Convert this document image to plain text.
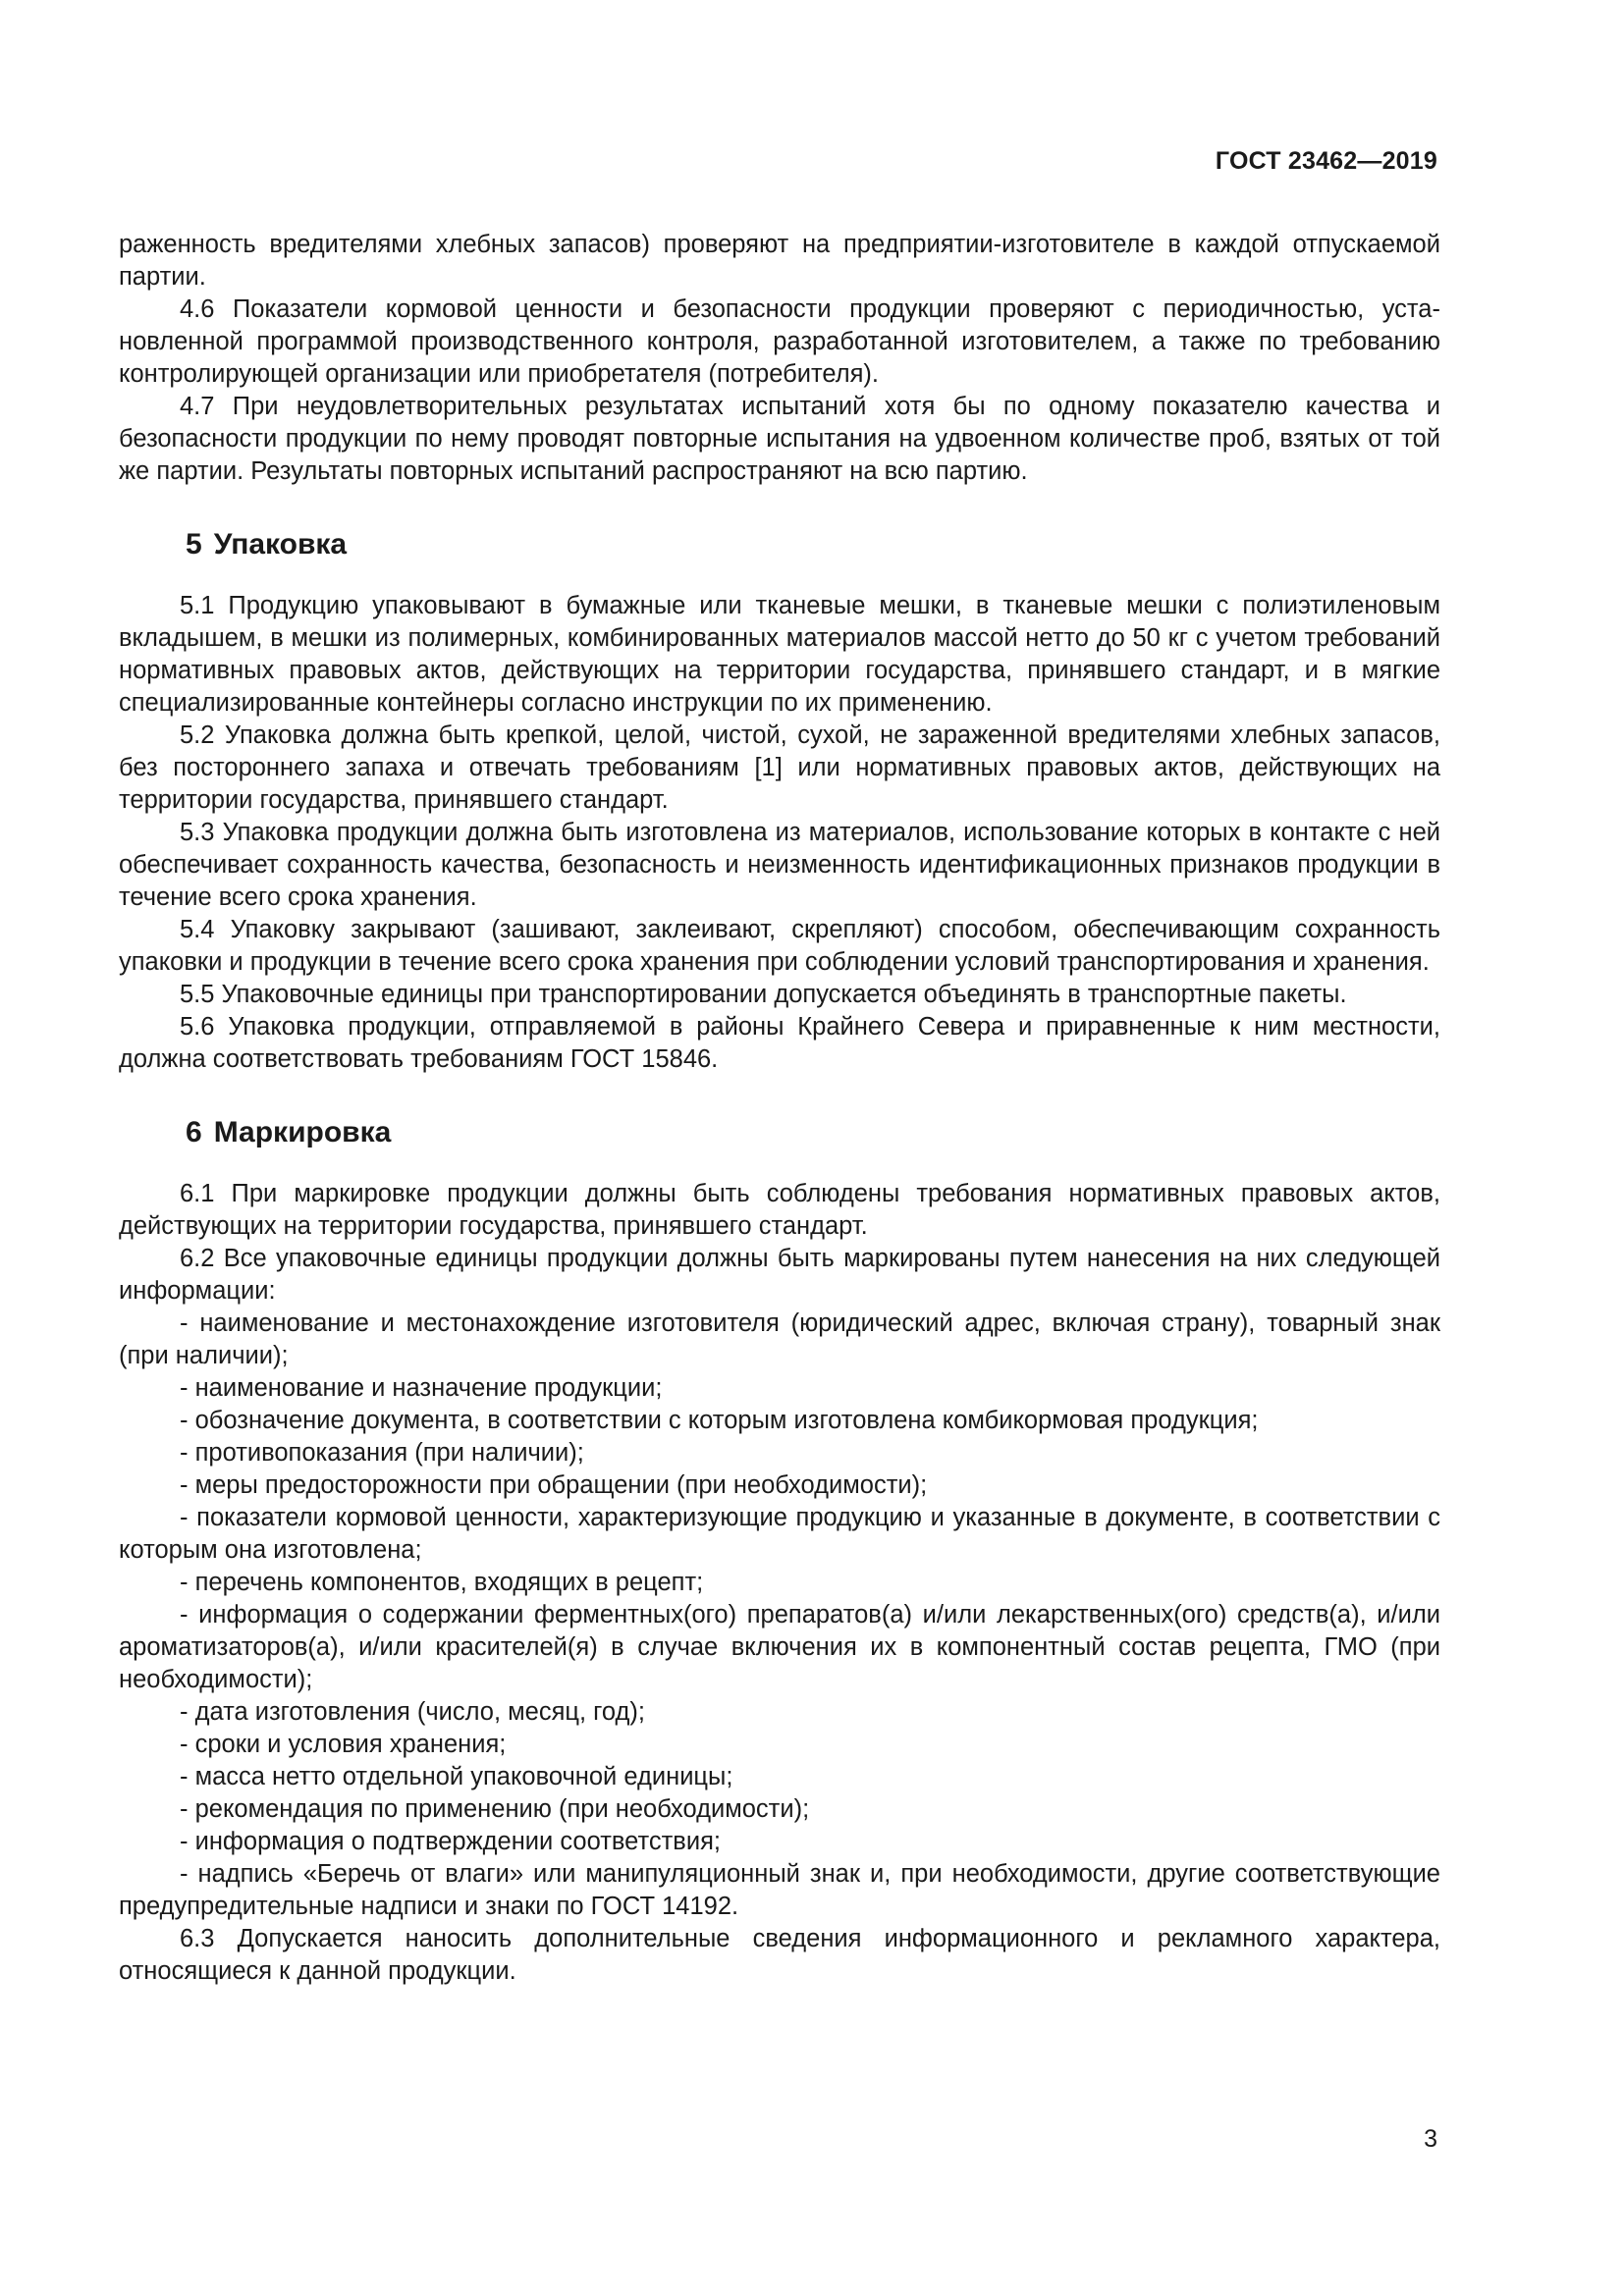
ГОСТ 23462—2019

раженность вредителями хлебных запасов) проверяют на предприятии-изготовителе в каждой отпускаемой партии.

4.6 Показатели кормовой ценности и безопасности продукции проверяют с периодичностью, установленной программой производственного контроля, разработанной изготовителем, а также по требованию контролирующей организации или приобретателя (потребителя).

4.7 При неудовлетворительных результатах испытаний хотя бы по одному показателю качества и безопасности продукции по нему проводят повторные испытания на удвоенном количестве проб, взятых от той же партии. Результаты повторных испытаний распространяют на всю партию.

5 Упаковка

5.1 Продукцию упаковывают в бумажные или тканевые мешки, в тканевые мешки с полиэтиленовым вкладышем, в мешки из полимерных, комбинированных материалов массой нетто до 50 кг с учетом требований нормативных правовых актов, действующих на территории государства, принявшего стандарт, и в мягкие специализированные контейнеры согласно инструкции по их применению.

5.2 Упаковка должна быть крепкой, целой, чистой, сухой, не зараженной вредителями хлебных запасов, без постороннего запаха и отвечать требованиям [1] или нормативных правовых актов, действующих на территории государства, принявшего стандарт.

5.3 Упаковка продукции должна быть изготовлена из материалов, использование которых в контакте с ней обеспечивает сохранность качества, безопасность и неизменность идентификационных признаков продукции в течение всего срока хранения.

5.4 Упаковку закрывают (зашивают, заклеивают, скрепляют) способом, обеспечивающим сохранность упаковки и продукции в течение всего срока хранения при соблюдении условий транспортирования и хранения.

5.5 Упаковочные единицы при транспортировании допускается объединять в транспортные пакеты.

5.6 Упаковка продукции, отправляемой в районы Крайнего Севера и приравненные к ним местности, должна соответствовать требованиям ГОСТ 15846.

6 Маркировка

6.1 При маркировке продукции должны быть соблюдены требования нормативных правовых актов, действующих на территории государства, принявшего стандарт.

6.2 Все упаковочные единицы продукции должны быть маркированы путем нанесения на них следующей информации:

- наименование и местонахождение изготовителя (юридический адрес, включая страну), товарный знак (при наличии);

- наименование и назначение продукции;

- обозначение документа, в соответствии с которым изготовлена комбикормовая продукция;

- противопоказания (при наличии);

- меры предосторожности при обращении (при необходимости);

- показатели кормовой ценности, характеризующие продукцию и указанные в документе, в соответствии с которым она изготовлена;

- перечень компонентов, входящих в рецепт;

- информация о содержании ферментных(ого) препаратов(а) и/или лекарственных(ого) средств(а), и/или ароматизаторов(а), и/или красителей(я) в случае включения их в компонентный состав рецепта, ГМО (при необходимости);

- дата изготовления (число, месяц, год);

- сроки и условия хранения;

- масса нетто отдельной упаковочной единицы;

- рекомендация по применению (при необходимости);

- информация о подтверждении соответствия;

- надпись «Беречь от влаги» или манипуляционный знак и, при необходимости, другие соответствующие предупредительные надписи и знаки по ГОСТ 14192.

6.3 Допускается наносить дополнительные сведения информационного и рекламного характера, относящиеся к данной продукции.

3
